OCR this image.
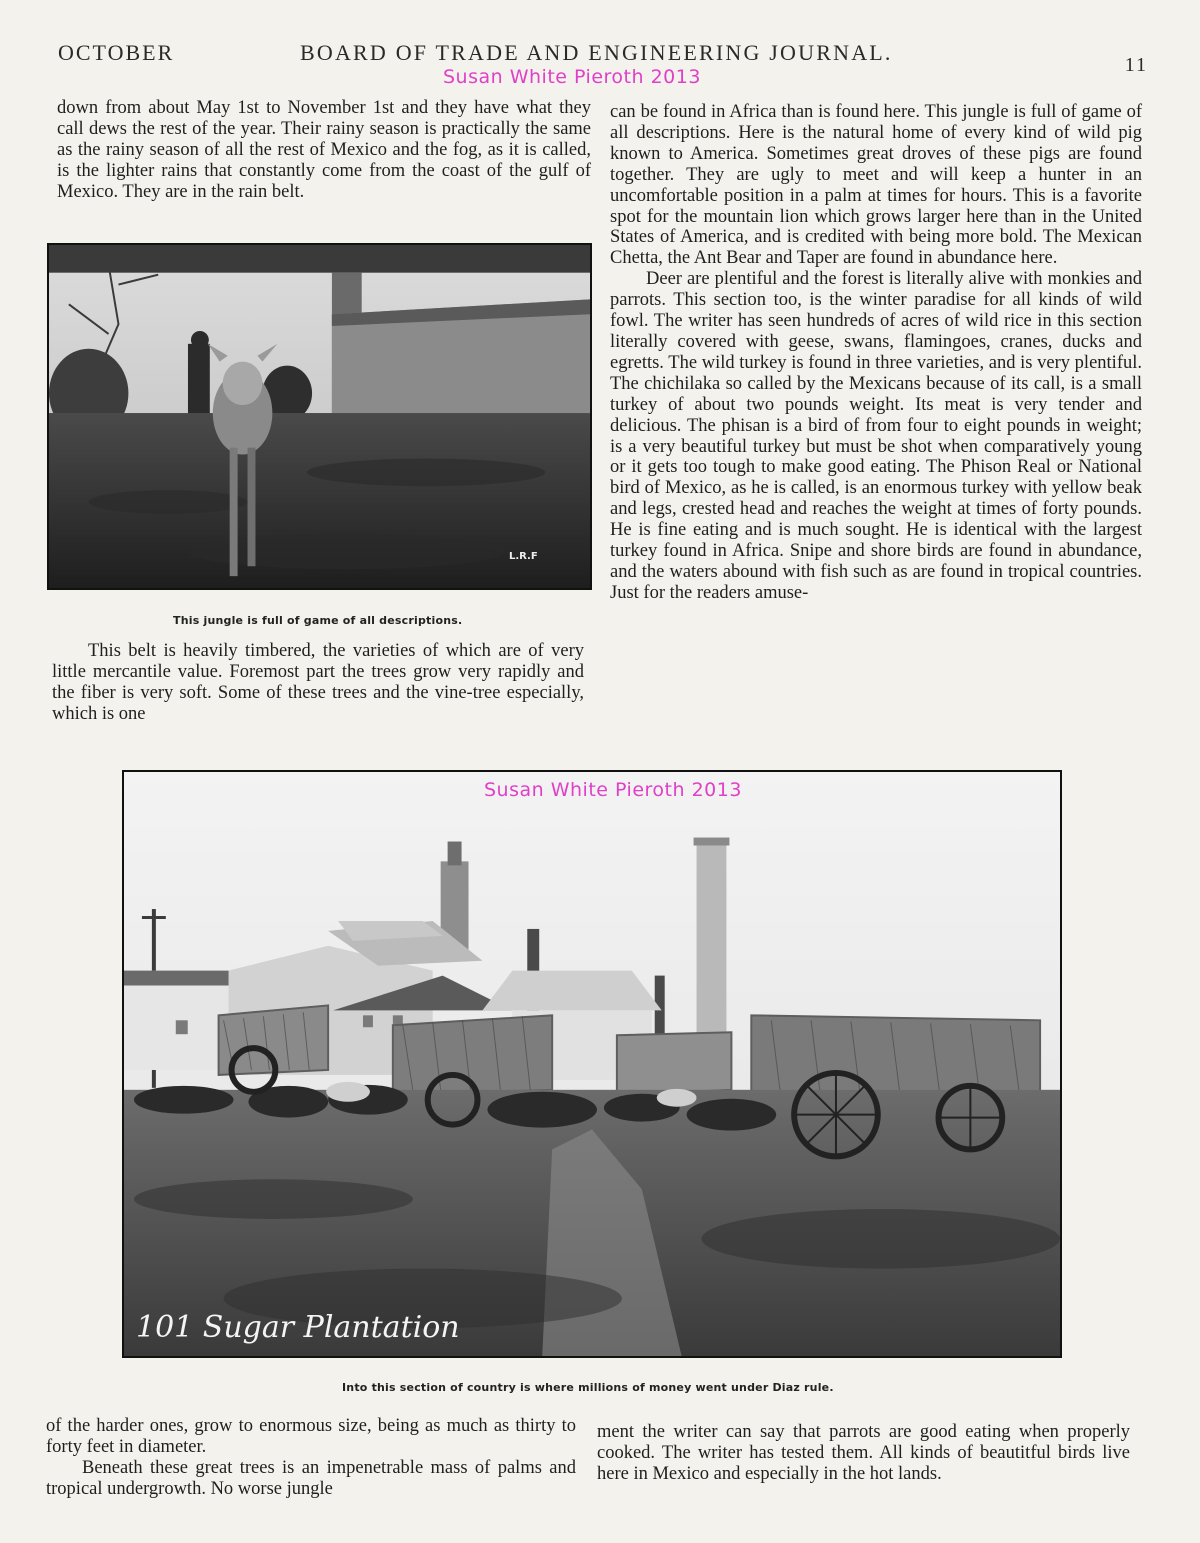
OCTOBER	BOARD OF TRADE AND ENGINEERING JOURNAL.	11
Susan White Pieroth 2013

down from about May 1st to November 1st and they have what they call dews the rest of the year. Their rainy season is practically the same as the rainy season of all the rest of Mexico and the fog, as it is called, is the lighter rains that constantly come from the coast of the gulf of Mexico. They are in the rain belt.

L.R.F
This jungle is full of game of all descriptions.

This belt is heavily timbered, the varieties of which are of very little mercantile value. Foremost part the trees grow very rapidly and the fiber is very soft. Some of these trees and the vine-tree especially, which is one

can be found in Africa than is found here. This jungle is full of game of all descriptions. Here is the natural home of every kind of wild pig known to America. Sometimes great droves of these pigs are found together. They are ugly to meet and will keep a hunter in an uncomfortable position in a palm at times for hours. This is a favorite spot for the mountain lion which grows larger here than in the United States of America, and is credited with being more bold. The Mexican Chetta, the Ant Bear and Taper are found in abundance here.

Deer are plentiful and the forest is literally alive with monkies and parrots. This section too, is the winter paradise for all kinds of wild fowl. The writer has seen hundreds of acres of wild rice in this section literally covered with geese, swans, flamingoes, cranes, ducks and egretts. The wild turkey is found in three varieties, and is very plentiful. The chichilaka so called by the Mexicans because of its call, is a small turkey of about two pounds weight. Its meat is very tender and delicious. The phisan is a bird of from four to eight pounds in weight; is a very beautiful turkey but must be shot when comparatively young or it gets too tough to make good eating. The Phison Real or National bird of Mexico, as he is called, is an enormous turkey with yellow beak and legs, crested head and reaches the weight at times of forty pounds. He is fine eating and is much sought. He is identical with the largest turkey found in Africa. Snipe and shore birds are found in abundance, and the waters abound with fish such as are found in tropical countries. Just for the readers amuse-

101 Sugar Plantation
Susan White Pieroth 2013
Into this section of country is where millions of money went under Diaz rule.

of the harder ones, grow to enormous size, being as much as thirty to forty feet in diameter.

Beneath these great trees is an impenetrable mass of palms and tropical undergrowth. No worse jungle

ment the writer can say that parrots are good eating when properly cooked. The writer has tested them. All kinds of beautitful birds live here in Mexico and especially in the hot lands.
